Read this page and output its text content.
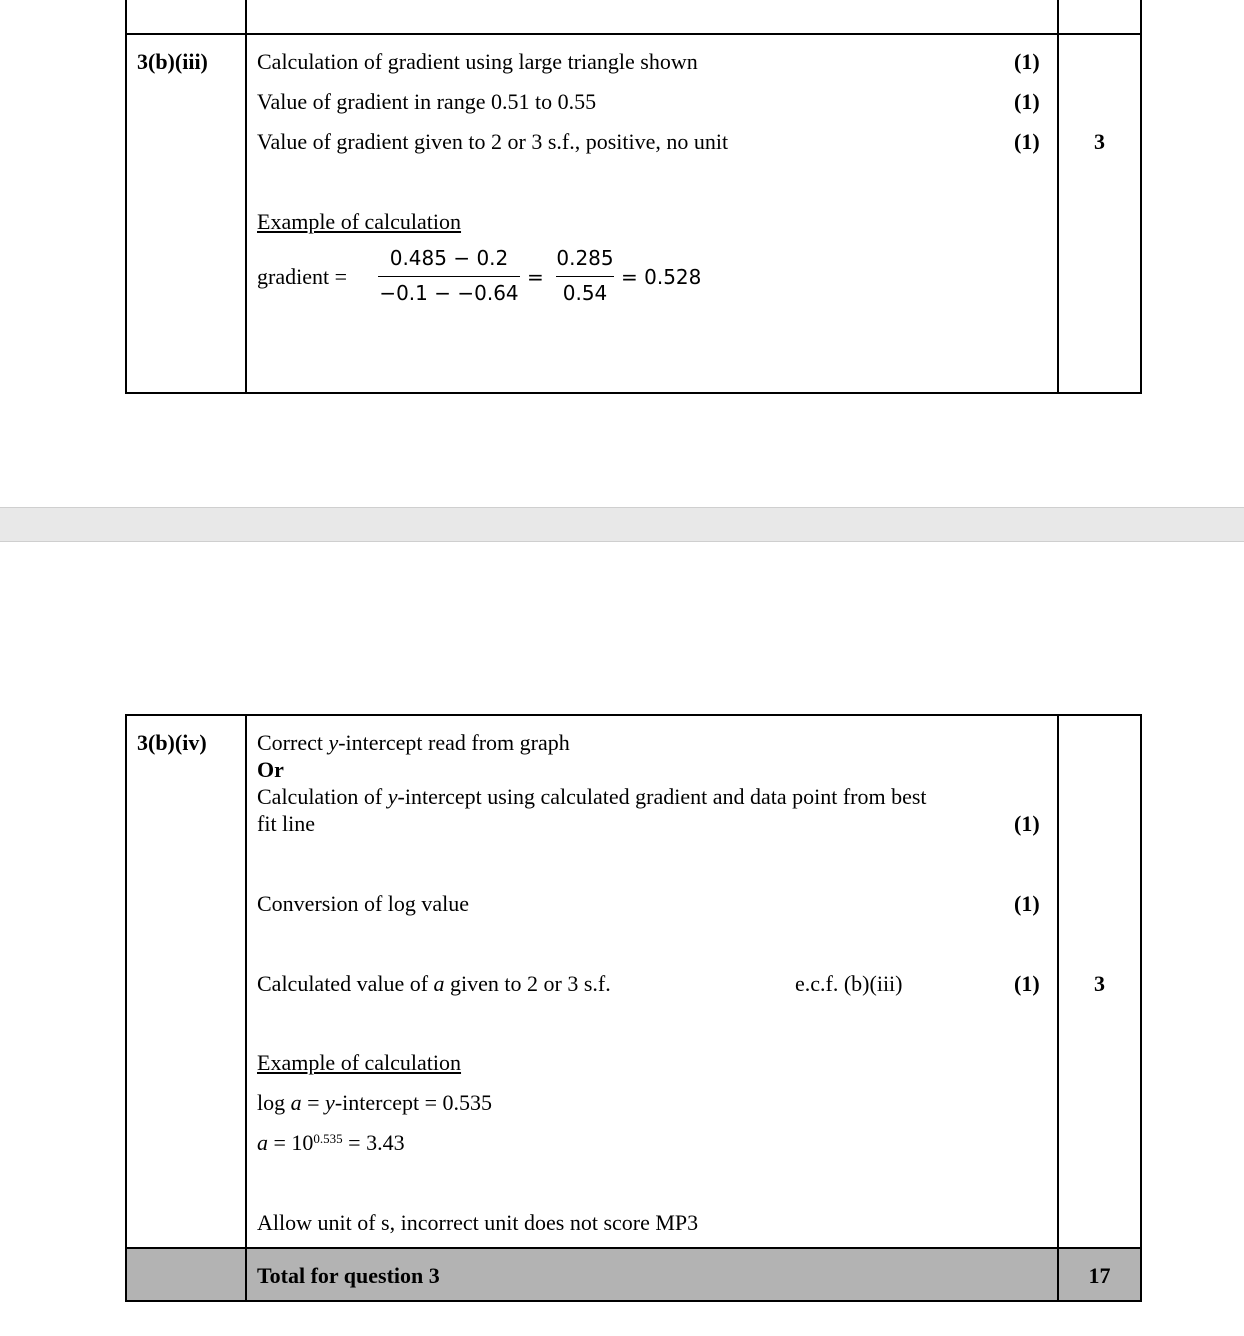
3(b)(iii) Calculation of gradient using large triangle shown	(1)
Value of gradient in range 0.51 to 0.55	(1)
Value of gradient given to 2 or 3 s.f., positive, no unit	(1)	3
Example of calculation
gradient =
0.485 − 0.2
−0.1 − −0.64
=
0.285
0.54
= 0.528
3(b)(iv) Correct y-intercept read from graph
Or
Calculation of y-intercept using calculated gradient and data point from best
fit line	(1)
Conversion of log value	(1)
Calculated value of a given to 2 or 3 s.f.	e.c.f. (b)(iii)	(1)	3
Example of calculation
log a = y-intercept = 0.535
$a = 10^{0.535} = 3.43$
Allow unit of s, incorrect unit does not score MP3
Total for question 3	17
